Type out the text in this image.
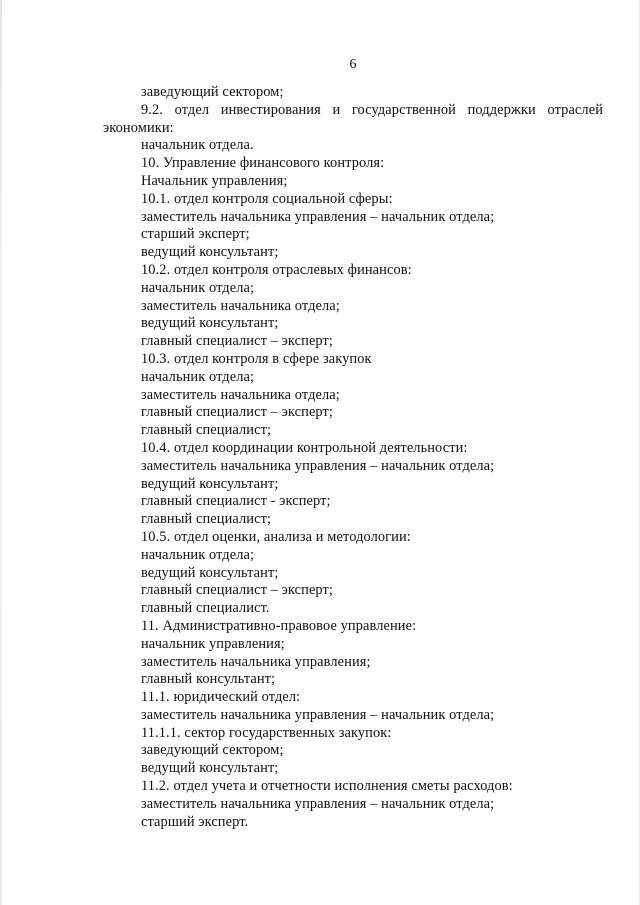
6
заведующий сектором;
9.2. отдел инвестирования и государственной поддержки отраслей
экономики:
начальник отдела.
10. Управление финансового контроля:
Начальник управления;
10.1. отдел контроля социальной сферы:
заместитель начальника управления – начальник отдела;
старший эксперт;
ведущий консультант;
10.2. отдел контроля отраслевых финансов:
начальник отдела;
заместитель начальника отдела;
ведущий консультант;
главный специалист – эксперт;
10.3. отдел контроля в сфере закупок
начальник отдела;
заместитель начальника отдела;
главный специалист – эксперт;
главный специалист;
10.4. отдел координации контрольной деятельности:
заместитель начальника управления – начальник отдела;
ведущий консультант;
главный специалист - эксперт;
главный специалист;
10.5. отдел оценки, анализа и методологии:
начальник отдела;
ведущий консультант;
главный специалист – эксперт;
главный специалист.
11. Административно-правовое управление:
начальник управления;
заместитель начальника управления;
главный консультант;
11.1. юридический отдел:
заместитель начальника управления – начальник отдела;
11.1.1. сектор государственных закупок:
заведующий сектором;
ведущий консультант;
11.2. отдел учета и отчетности исполнения сметы расходов:
заместитель начальника управления – начальник отдела;
старший эксперт.
